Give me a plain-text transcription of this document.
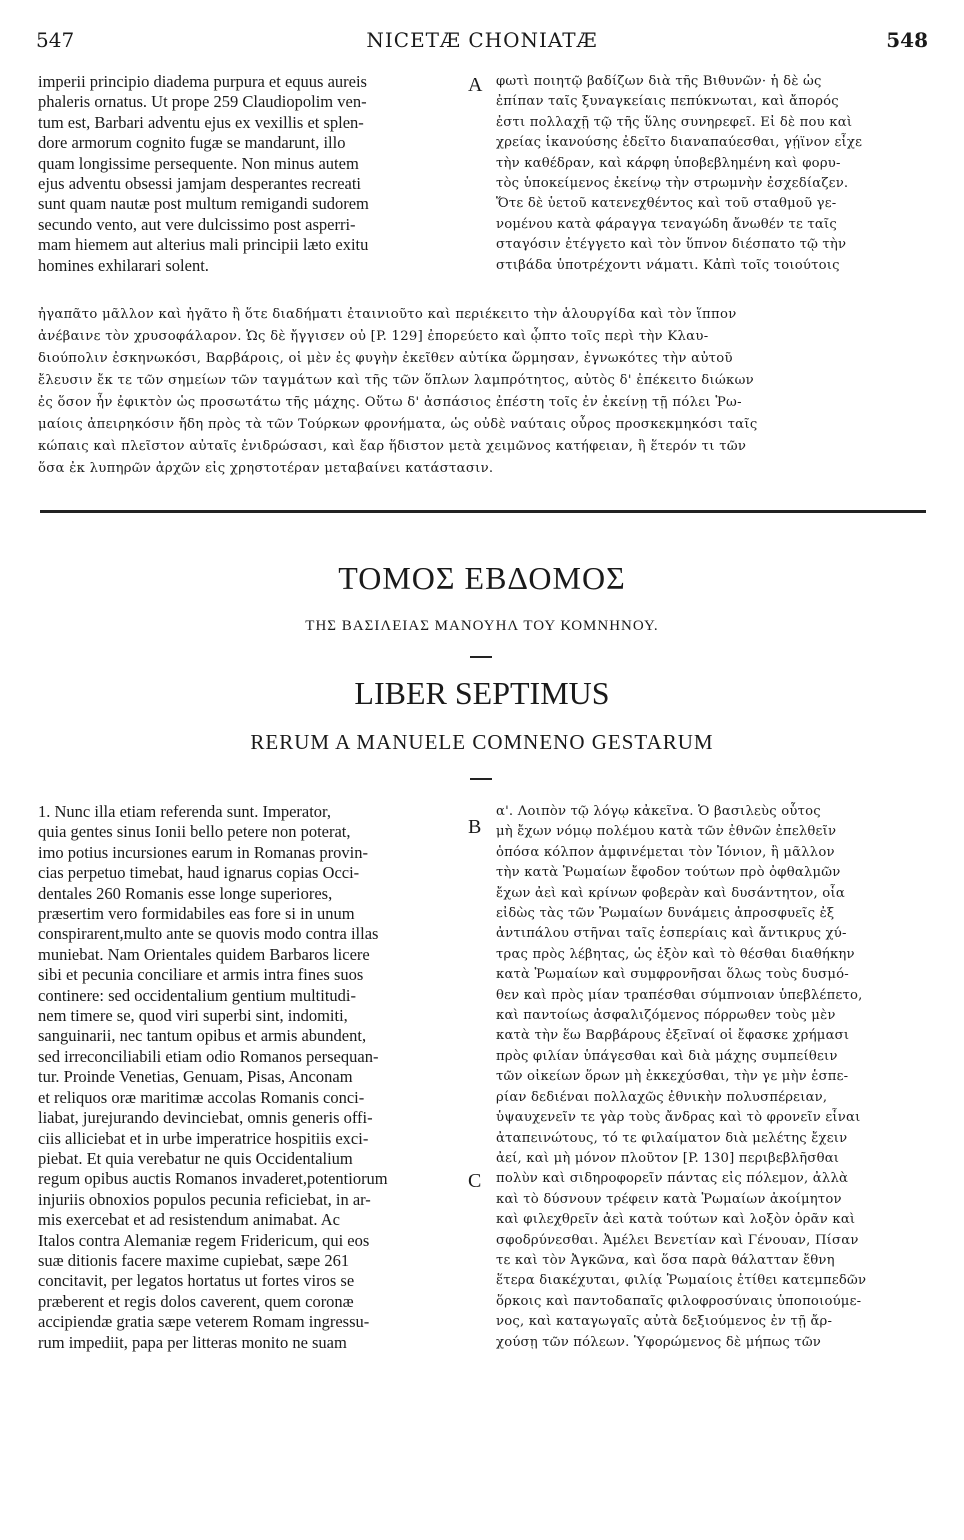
547	NICETÆ CHONIATÆ	548
imperii principio diadema purpura et equus aureis
phaleris ornatus. Ut prope 259 Claudiopolim ven-
tum est, Barbari adventu ejus ex vexillis et splen-
dore armorum cognito fugæ se mandarunt, illo
quam longissime persequente. Non minus autem
ejus adventu obsessi jamjam desperantes recreati
sunt quam nautæ post multum remigandi sudorem
secundo vento, aut vere dulcissimo post asperri-
mam hiemem aut alterius mali principii læto exitu
homines exhilarari solent.
A φωτὶ ποιητῷ βαδίζων διὰ τῆς Βιθυνῶν· ἡ δὲ ὡς
ἐπίπαν ταῖς ξυναγκείαις πεπύκνωται, καὶ ἄπορός
ἐστι πολλαχῇ τῷ τῆς ὕλης συνηρεφεῖ. Εἰ δὲ που καὶ
χρείας ἱκανούσης ἐδεῖτο διαναπαύεσθαι, γῄϊνον εἶχε
τὴν καθέδραν, καὶ κάρφη ὑποβεβλημένη καὶ φορυ-
τὸς ὑποκείμενος ἐκείνῳ τὴν στρωμνὴν ἐσχεδίαζεν.
Ὅτε δὲ ὑετοῦ κατενεχθέντος καὶ τοῦ σταθμοῦ γε-
νομένου κατὰ φάραγγα τεναγώδη ἄνωθέν τε ταῖς
σταγόσιν ἐτέγγετο καὶ τὸν ὕπνον διέσπατο τῷ τὴν
στιβάδα ὑποτρέχοντι νάματι. Κἀπὶ τοῖς τοιούτοις
ἠγαπᾶτο μᾶλλον καὶ ἠγᾶτο ἢ ὅτε διαδήματι ἐταινιοῦτο καὶ περιέκειτο τὴν ἁλουργίδα καὶ τὸν ἵππον
ἀνέβαινε τὸν χρυσοφάλαρον. Ὡς δὲ ἤγγισεν οὐ [P. 129] ἐπορεύετο καὶ ᾧπτο τοῖς περὶ τὴν Κλαυ-
διούπολιν ἐσκηνωκόσι, Βαρβάροις, οἱ μὲν ἐς φυγὴν ἐκεῖθεν αὐτίκα ὥρμησαν, ἐγνωκότες τὴν αὐτοῦ
ἔλευσιν ἔκ τε τῶν σημείων τῶν ταγμάτων καὶ τῆς τῶν ὅπλων λαμπρότητος, αὐτὸς δ' ἐπέκειτο διώκων
ἐς ὅσον ἦν ἐφικτὸν ὡς προσωτάτω τῆς μάχης. Οὕτω δ' ἀσπάσιος ἐπέστη τοῖς ἐν ἐκείνῃ τῇ πόλει Ῥω-
μαίοις ἀπειρηκόσιν ἤδη πρὸς τὰ τῶν Τούρκων φρονήματα, ὡς οὐδὲ ναύταις οὖρος προσκεκμηκόσι ταῖς
κώπαις καὶ πλεῖστον αὐταῖς ἐνιδρώσασι, καὶ ἔαρ ἥδιστον μετὰ χειμῶνος κατήφειαν, ἢ ἕτερόν τι τῶν
ὅσα ἐκ λυπηρῶν ἀρχῶν εἰς χρηστοτέραν μεταβαίνει κατάστασιν.
ΤΟΜΟΣ ΕΒΔΟΜΟΣ
ΤΗΣ ΒΑΣΙΛΕΙΑΣ ΜΑΝΟΥΗΛ ΤΟΥ ΚΟΜΝΗΝΟΥ.
LIBER SEPTIMUS
RERUM A MANUELE COMNENO GESTARUM
1. Nunc illa etiam referenda sunt. Imperator,
quia gentes sinus Ionii bello petere non poterat,
imo potius incursiones earum in Romanas provin-
cias perpetuo timebat, haud ignarus copias Occi-
dentales 260 Romanis esse longe superiores,
præsertim vero formidabiles eas fore si in unum
conspirarent,multo ante se quovis modo contra illas
muniebat. Nam Orientales quidem Barbaros licere
sibi et pecunia conciliare et armis intra fines suos
continere: sed occidentalium gentium multitudi-
nem timere se, quod viri superbi sint, indomiti,
sanguinarii, nec tantum opibus et armis abundent,
sed irreconciliabili etiam odio Romanos persequan-
tur. Proinde Venetias, Genuam, Pisas, Anconam
et reliquos oræ maritimæ accolas Romanis conci-
liabat, jurejurando devinciebat, omnis generis offi-
ciis alliciebat et in urbe imperatrice hospitiis exci-
piebat. Et quia verebatur ne quis Occidentalium
regum opibus auctis Romanos invaderet,potentiorum
injuriis obnoxios populos pecunia reficiebat, in ar-
mis exercebat et ad resistendum animabat. Ac
Italos contra Alemaniæ regem Fridericum, qui eos
suæ ditionis facere maxime cupiebat, sæpe 261
concitavit, per legatos hortatus ut fortes viros se
præberent et regis dolos caverent, quem coronæ
accipiendæ gratia sæpe veterem Romam ingressu-
rum impediit, papa per litteras monito ne suam
B
C
α'. Λοιπὸν τῷ λόγῳ κἀκεῖνα. Ὁ βασιλεὺς οὗτος
μὴ ἔχων νόμῳ πολέμου κατὰ τῶν ἐθνῶν ἐπελθεῖν
ὁπόσα κόλπον ἀμφινέμεται τὸν Ἰόνιον, ἢ μᾶλλον
τὴν κατὰ Ῥωμαίων ἔφοδον τούτων πρὸ ὀφθαλμῶν
ἔχων ἀεὶ καὶ κρίνων φοβερὰν καὶ δυσάντητον, οἷα
εἰδὼς τὰς τῶν Ῥωμαίων δυνάμεις ἀπροσφυεῖς ἐξ
ἀντιπάλου στῆναι ταῖς ἑσπερίαις καὶ ἄντικρυς χύ-
τρας πρὸς λέβητας, ὡς ἐξὸν καὶ τὸ θέσθαι διαθήκην
κατὰ Ῥωμαίων καὶ συμφρονῆσαι ὅλως τοὺς δυσμό-
θεν καὶ πρὸς μίαν τραπέσθαι σύμπνοιαν ὑπεβλέπετο,
καὶ παντοίως ἀσφαλιζόμενος πόρρωθεν τοὺς μὲν
κατὰ τὴν ἕω Βαρβάρους ἐξεῖναί οἱ ἔφασκε χρήμασι
πρὸς φιλίαν ὑπάγεσθαι καὶ διὰ μάχης συμπείθειν
τῶν οἰκείων ὅρων μὴ ἐκκεχύσθαι, τὴν γε μὴν ἑσπε-
ρίαν δεδιέναι πολλαχῶς ἐθνικὴν πολυσπέρειαν,
ὑψαυχενεῖν τε γὰρ τοὺς ἄνδρας καὶ τὸ φρονεῖν εἶναι
ἀταπεινώτους, τό τε φιλαίματον διὰ μελέτης ἔχειν
ἀεί, καὶ μὴ μόνον πλοῦτον [P. 130] περιβεβλῆσθαι
πολὺν καὶ σιδηροφορεῖν πάντας εἰς πόλεμον, ἀλλὰ
καὶ τὸ δύσνουν τρέφειν κατὰ Ῥωμαίων ἀκοίμητον
καὶ φιλεχθρεῖν ἀεὶ κατὰ τούτων καὶ λοξὸν ὁρᾶν καὶ
σφοδρύνεσθαι. Ἀμέλει Βενετίαν καὶ Γένουαν, Πίσαν
τε καὶ τὸν Ἀγκῶνα, καὶ ὅσα παρὰ θάλατταν ἔθνη
ἕτερα διακέχυται, φιλίᾳ Ῥωμαίοις ἐτίθει κατεμπεδῶν
ὅρκοις καὶ παντοδαπαῖς φιλοφροσύναις ὑποποιούμε-
νος, καὶ καταγωγαῖς αὐτὰ δεξιούμενος ἐν τῇ ἄρ-
χούσῃ τῶν πόλεων. Ὑφορώμενος δὲ μήπως τῶν
